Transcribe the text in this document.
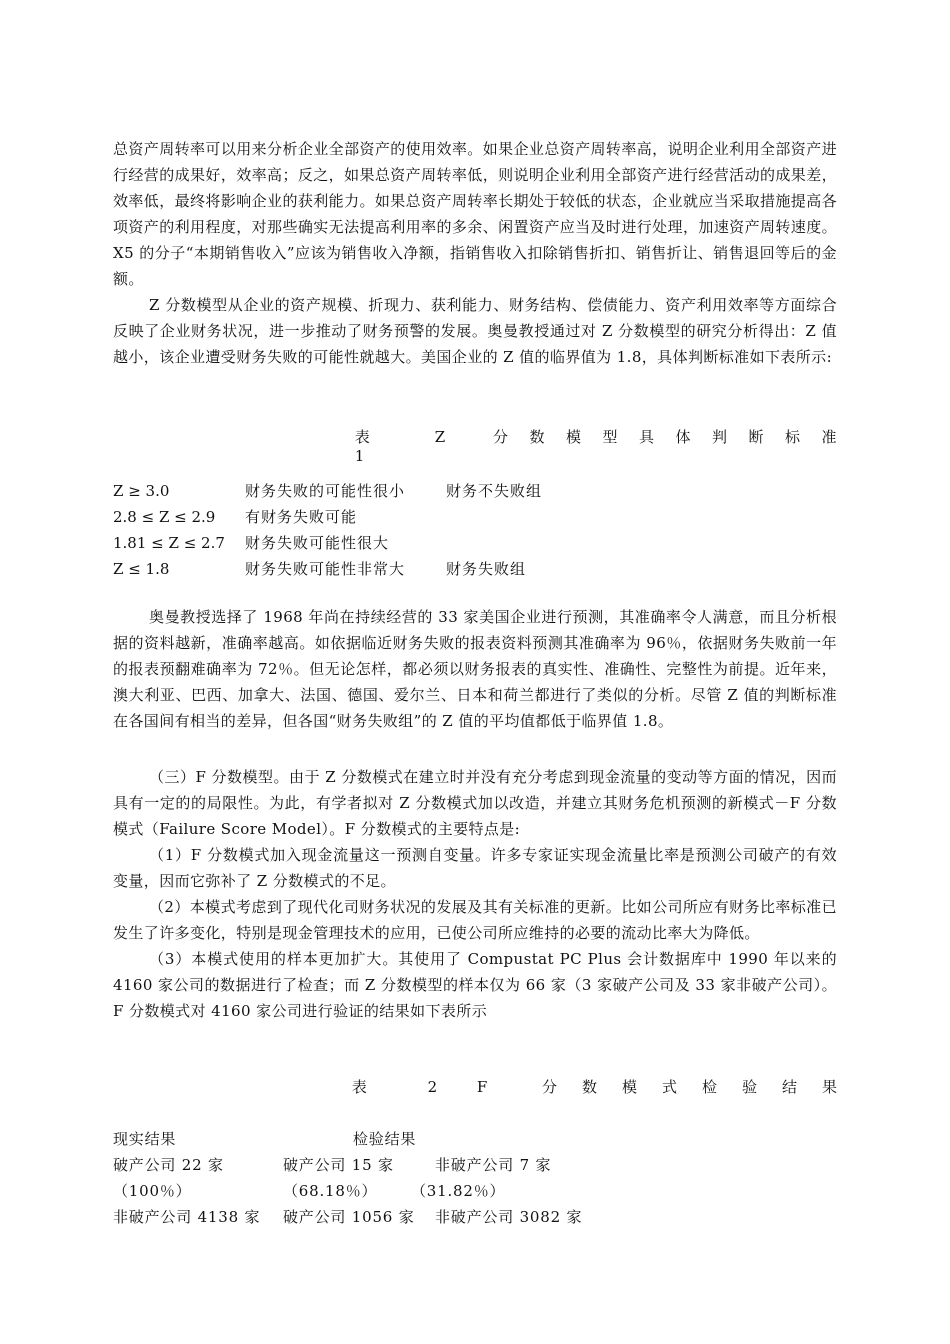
总资产周转率可以用来分析企业全部资产的使用效率。如果企业总资产周转率高，说明企业利用全部资产进行经营的成果好，效率高；反之，如果总资产周转率低，则说明企业利用全部资产进行经营活动的成果差，效率低，最终将影响企业的获利能力。如果总资产周转率长期处于较低的状态，企业就应当采取措施提高各项资产的利用程度，对那些确实无法提高利用率的多余、闲置资产应当及时进行处理，加速资产周转速度。X5 的分子“本期销售收入”应该为销售收入净额，指销售收入扣除销售折扣、销售折让、销售退回等后的金额。

Z 分数模型从企业的资产规模、折现力、获利能力、财务结构、偿债能力、资产利用效率等方面综合反映了企业财务状况，进一步推动了财务预警的发展。奥曼教授通过对 Z 分数模型的研究分析得出：Z 值越小，该企业遭受财务失败的可能性就越大。美国企业的 Z 值的临界值为 1.8，具体判断标准如下表所示:

表 1
Z 分数模型具体判断标准
Z ≥ 3.0	财务失败的可能性很小	财务不失败组
2.8 ≤ Z ≤ 2.9 有财务失败可能
1.81 ≤ Z ≤ 2.7 财务失败可能性很大
Z ≤ 1.8	财务失败可能性非常大	财务失败组

奥曼教授选择了 1968 年尚在持续经营的 33 家美国企业进行预测，其准确率令人满意，而且分析根据的资料越新，准确率越高。如依据临近财务失败的报表资料预测其准确率为 96％，依据财务失败前一年的报表预翻难确率为 72％。但无论怎样，都必须以财务报表的真实性、准确性、完整性为前提。近年来，澳大利亚、巴西、加拿大、法国、德国、爱尔兰、日本和荷兰都进行了类似的分析。尽管 Z 值的判断标准在各国间有相当的差异，但各国“财务失败组”的 Z 值的平均值都低于临界值 1.8。

（三）F 分数模型。由于 Z 分数模式在建立时并没有充分考虑到现金流量的变动等方面的情况，因而具有一定的的局限性。为此，有学者拟对 Z 分数模式加以改造，并建立其财务危机预测的新模式－F 分数模式（Failure Score Model）。F 分数模式的主要特点是:

（1）F 分数模式加入现金流量这一预测自变量。许多专家证实现金流量比率是预测公司破产的有效变量，因而它弥补了 Z 分数模式的不足。

（2）本模式考虑到了现代化司财务状况的发展及其有关标准的更新。比如公司所应有财务比率标准已发生了许多变化，特别是现金管理技术的应用，已使公司所应维持的必要的流动比率大为降低。

（3）本模式使用的样本更加扩大。其使用了 Compustat PC Plus 会计数据库中 1990 年以来的 4160 家公司的数据进行了检查；而 Z 分数模型的样本仅为 66 家（3 家破产公司及 33 家非破产公司）。F 分数模式对 4160 家公司进行验证的结果如下表所示

表 2 F 分数模式检验结果
现实结果	检验结果
破产公司 22 家	破产公司 15 家	非破产公司 7 家
（100％）	（68.18％） （31.82％）
非破产公司 4138 家 破产公司 1056 家 非破产公司 3082 家
